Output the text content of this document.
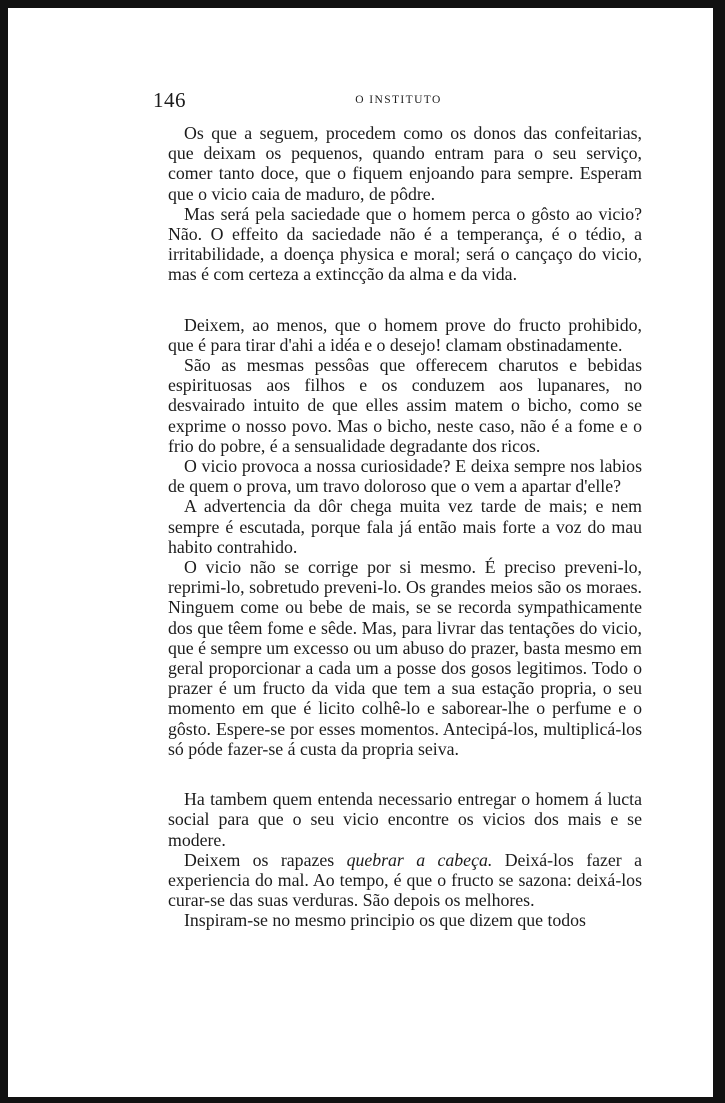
146	O INSTITUTO

Os que a seguem, procedem como os donos das confeitarias, que deixam os pequenos, quando entram para o seu serviço, comer tanto doce, que o fiquem enjoando para sempre. Esperam que o vicio caia de maduro, de pôdre.

Mas será pela saciedade que o homem perca o gôsto ao vicio? Não. O effeito da saciedade não é a temperança, é o tédio, a irritabilidade, a doença physica e moral; será o cançaço do vicio, mas é com certeza a extincção da alma e da vida.

Deixem, ao menos, que o homem prove do fructo prohibido, que é para tirar d'ahi a idéa e o desejo! clamam obstinadamente.

São as mesmas pessôas que offerecem charutos e bebidas espirituosas aos filhos e os conduzem aos lupanares, no desvairado intuito de que elles assim matem o bicho, como se exprime o nosso povo. Mas o bicho, neste caso, não é a fome e o frio do pobre, é a sensualidade degradante dos ricos.

O vicio provoca a nossa curiosidade? E deixa sempre nos labios de quem o prova, um travo doloroso que o vem a apartar d'elle?

A advertencia da dôr chega muita vez tarde de mais; e nem sempre é escutada, porque fala já então mais forte a voz do mau habito contrahido.

O vicio não se corrige por si mesmo. É preciso preveni-lo, reprimi-lo, sobretudo preveni-lo. Os grandes meios são os moraes. Ninguem come ou bebe de mais, se se recorda sympathicamente dos que têem fome e sêde. Mas, para livrar das tentações do vicio, que é sempre um excesso ou um abuso do prazer, basta mesmo em geral proporcionar a cada um a posse dos gosos legitimos. Todo o prazer é um fructo da vida que tem a sua estação propria, o seu momento em que é licito colhê-lo e saborear-lhe o perfume e o gôsto. Espere-se por esses momentos. Antecipá-los, multiplicá-los só póde fazer-se á custa da propria seiva.

Ha tambem quem entenda necessario entregar o homem á lucta social para que o seu vicio encontre os vicios dos mais e se modere.

Deixem os rapazes quebrar a cabeça. Deixá-los fazer a experiencia do mal. Ao tempo, é que o fructo se sazona: deixá-los curar-se das suas verduras. São depois os melhores.

Inspiram-se no mesmo principio os que dizem que todos
